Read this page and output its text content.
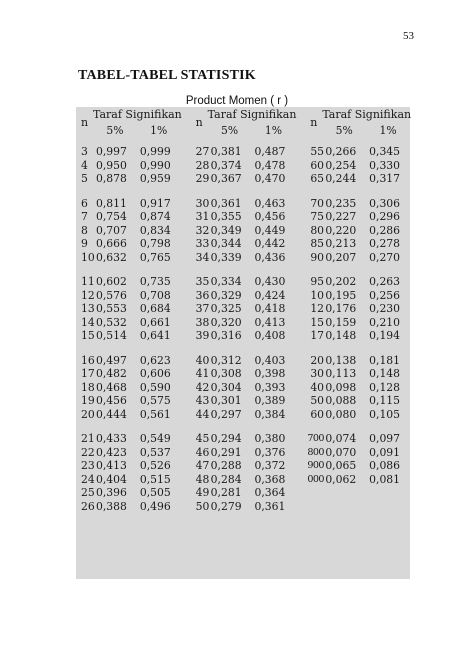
53
TABEL-TABEL STATISTIK
Product Momen ( r )
n	Taraf Signifikan			n	Taraf Signifikan			n	Taraf Signifikan	
	5%	1%			5%	1%			5%	1%

3	0,997	0,999		27	0,381	0,487		55	0,266	0,345
4	0,950	0,990		28	0,374	0,478		60	0,254	0,330
5	0,878	0,959		29	0,367	0,470		65	0,244	0,317

6	0,811	0,917		30	0,361	0,463		70	0,235	0,306
7	0,754	0,874		31	0,355	0,456		75	0,227	0,296
8	0,707	0,834		32	0,349	0,449		80	0,220	0,286
9	0,666	0,798		33	0,344	0,442		85	0,213	0,278
10	0,632	0,765		34	0,339	0,436		90	0,207	0,270

11	0,602	0,735		35	0,334	0,430		95	0,202	0,263
12	0,576	0,708		36	0,329	0,424		10	0,195	0,256
13	0,553	0,684		37	0,325	0,418		12	0,176	0,230
14	0,532	0,661		38	0,320	0,413		15	0,159	0,210
15	0,514	0,641		39	0,316	0,408		17	0,148	0,194

16	0,497	0,623		40	0,312	0,403		20	0,138	0,181
17	0,482	0,606		41	0,308	0,398		30	0,113	0,148
18	0,468	0,590		42	0,304	0,393		40	0,098	0,128
19	0,456	0,575		43	0,301	0,389		50	0,088	0,115
20	0,444	0,561		44	0,297	0,384		60	0,080	0,105

21	0,433	0,549		45	0,294	0,380		700	0,074	0,097
22	0,423	0,537		46	0,291	0,376		800	0,070	0,091
23	0,413	0,526		47	0,288	0,372		900	0,065	0,086
24	0,404	0,515		48	0,284	0,368		000	0,062	0,081
25	0,396	0,505		49	0,281	0,364				
26	0,388	0,496		50	0,279	0,361				
